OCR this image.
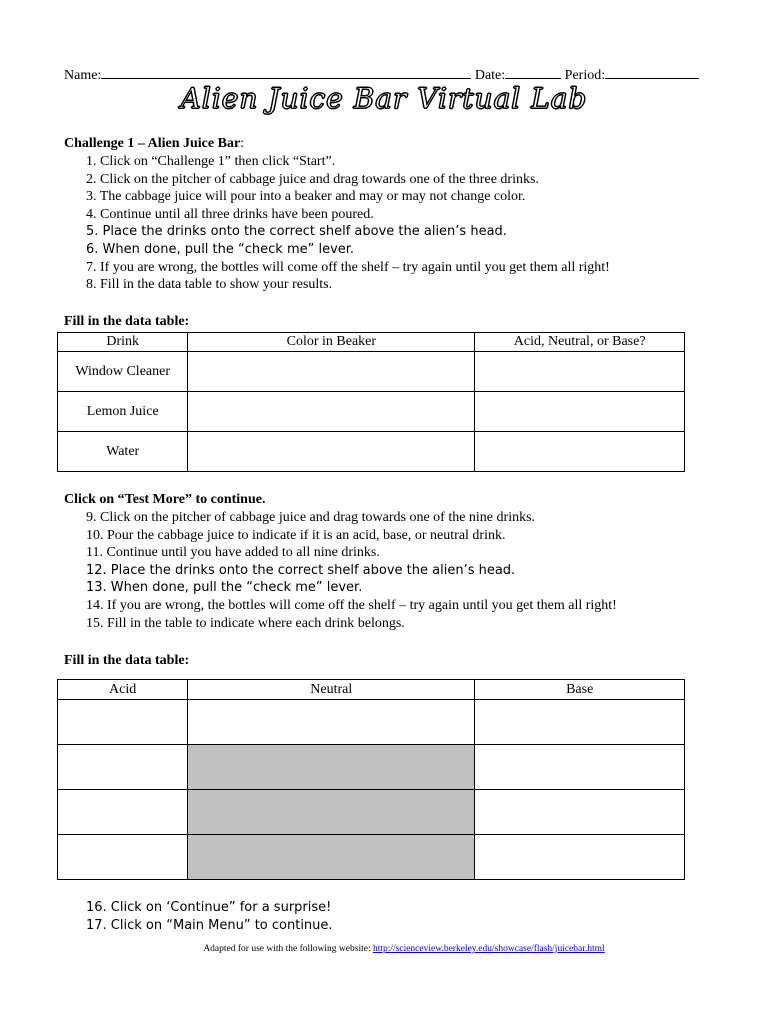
Name:	Date:	Period:
Alien Juice Bar Virtual Lab
Challenge 1 – Alien Juice Bar:
1. Click on “Challenge 1” then click “Start”.
2. Click on the pitcher of cabbage juice and drag towards one of the three drinks.
3. The cabbage juice will pour into a beaker and may or may not change color.
4. Continue until all three drinks have been poured.
5. Place the drinks onto the correct shelf above the alien’s head.
6. When done, pull the “check me” lever.
7. If you are wrong, the bottles will come off the shelf – try again until you get them all right!
8. Fill in the data table to show your results.
Fill in the data table:
Drink	Color in Beaker	Acid, Neutral, or Base?
Window Cleaner		
Lemon Juice		
Water		
Click on “Test More” to continue.
9. Click on the pitcher of cabbage juice and drag towards one of the nine drinks.
10. Pour the cabbage juice to indicate if it is an acid, base, or neutral drink.
11. Continue until you have added to all nine drinks.
12. Place the drinks onto the correct shelf above the alien’s head.
13. When done, pull the “check me” lever.
14. If you are wrong, the bottles will come off the shelf – try again until you get them all right!
15. Fill in the table to indicate where each drink belongs.
Fill in the data table:
Acid	Neutral	Base

16. Click on ‘Continue” for a surprise!
17. Click on “Main Menu” to continue.
Adapted for use with the following website: http://scienceview.berkeley.edu/showcase/flash/juicebar.html
